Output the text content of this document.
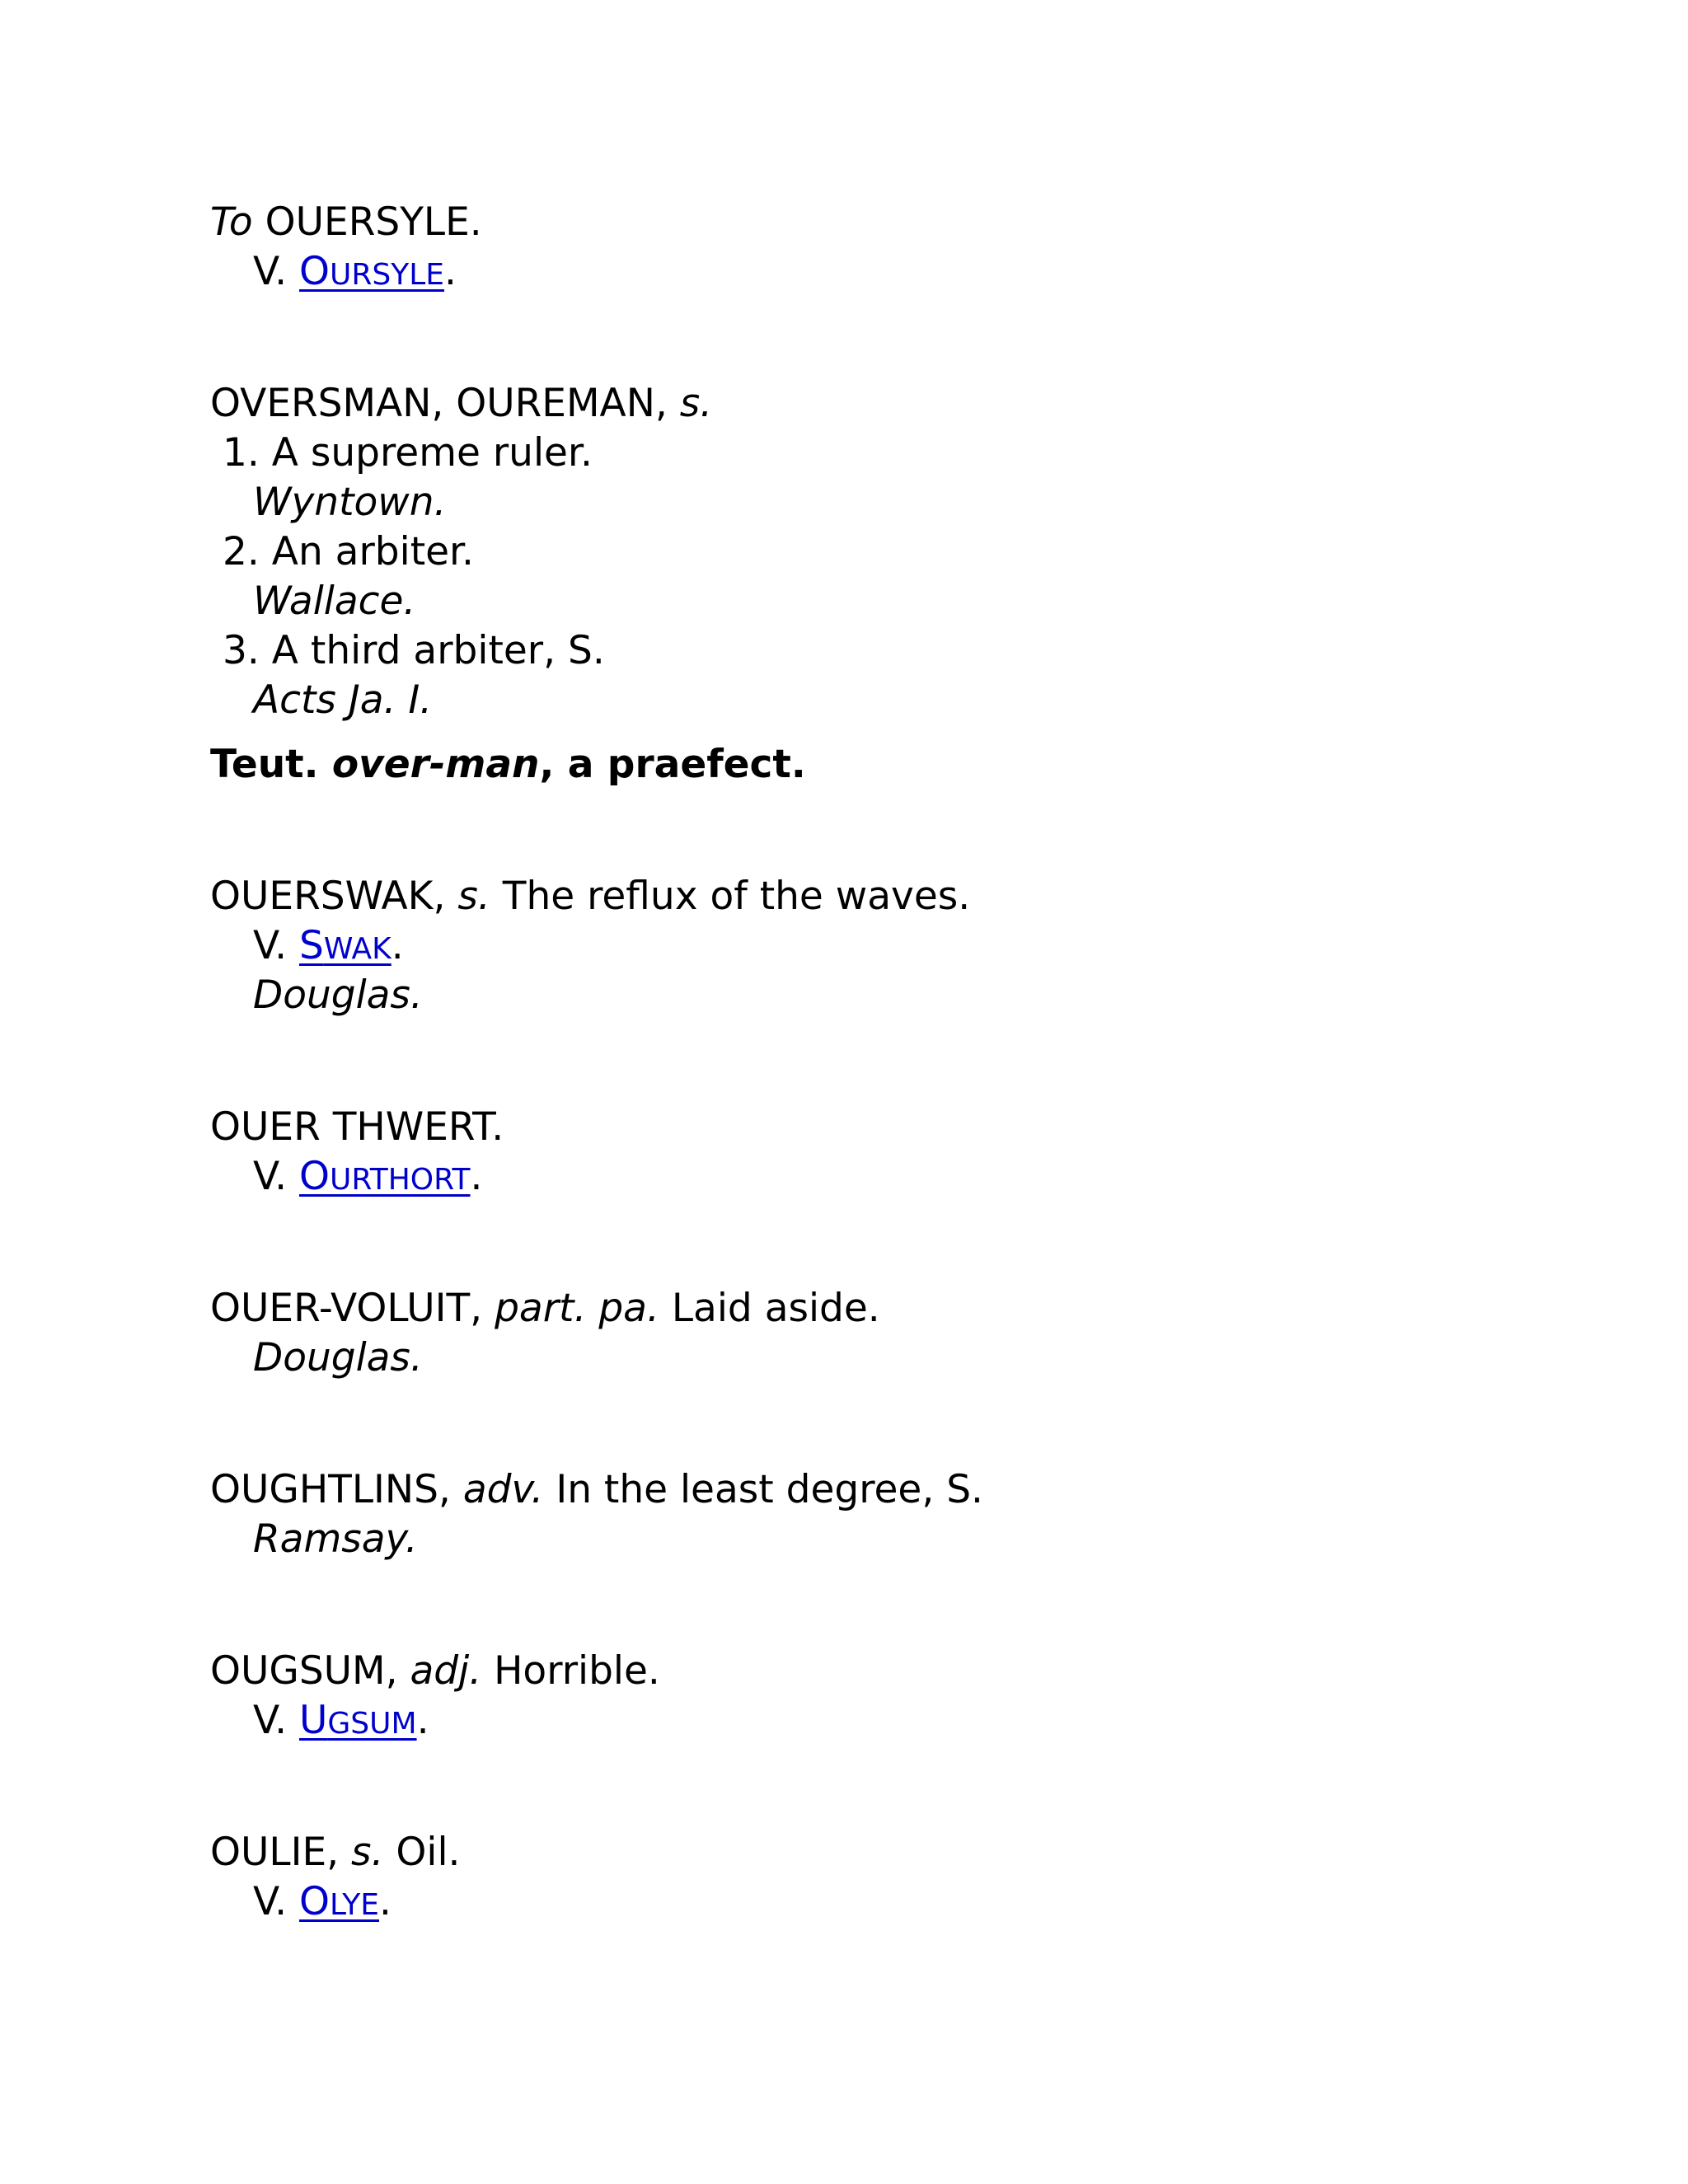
To OUERSYLE.
V. OURSYLE.
OVERSMAN, OUREMAN, s.
1. A supreme ruler.
Wyntown.
2. An arbiter.
Wallace.
3. A third arbiter, S.
Acts Ja. I.
Teut. over-man, a praefect.
OUERSWAK, s. The reflux of the waves.
V. SWAK.
Douglas.
OUER THWERT.
V. OURTHORT.
OUER-VOLUIT, part. pa. Laid aside.
Douglas.
OUGHTLINS, adv. In the least degree, S.
Ramsay.
OUGSUM, adj. Horrible.
V. UGSUM.
OULIE, s. Oil.
V. OLYE.
